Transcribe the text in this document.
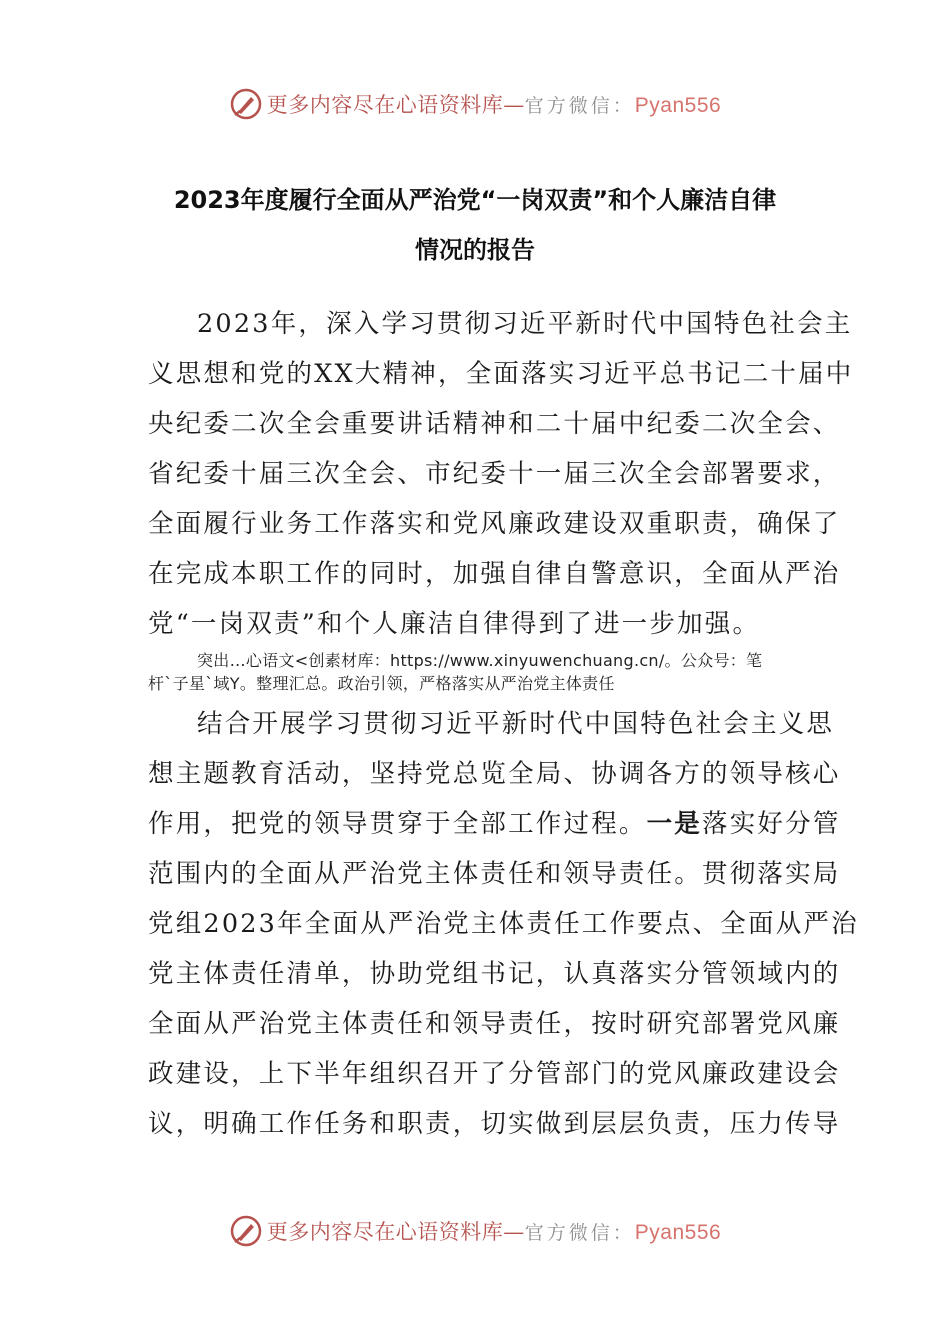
更多内容尽在心语资料库—官方微信：Pyan556
2023年度履行全面从严治党“一岗双责”和个人廉洁自律
情况的报告
2023年，深入学习贯彻习近平新时代中国特色社会主
义思想和党的XX大精神，全面落实习近平总书记二十届中
央纪委二次全会重要讲话精神和二十届中纪委二次全会、
省纪委十届三次全会、市纪委十一届三次全会部署要求，
全面履行业务工作落实和党风廉政建设双重职责，确保了
在完成本职工作的同时，加强自律自警意识，全面从严治
党“一岗双责”和个人廉洁自律得到了进一步加强。
突出…心语文<创素材库：https://www.xinyuwenchuang.cn/。公众号：笔
杆`子星`域Y。整理汇总。政治引领，严格落实从严治党主体责任
结合开展学习贯彻习近平新时代中国特色社会主义思
想主题教育活动，坚持党总览全局、协调各方的领导核心
作用，把党的领导贯穿于全部工作过程。一是落实好分管
范围内的全面从严治党主体责任和领导责任。贯彻落实局
党组2023年全面从严治党主体责任工作要点、全面从严治
党主体责任清单，协助党组书记，认真落实分管领域内的
全面从严治党主体责任和领导责任，按时研究部署党风廉
政建设，上下半年组织召开了分管部门的党风廉政建设会
议，明确工作任务和职责，切实做到层层负责，压力传导
更多内容尽在心语资料库—官方微信：Pyan556
